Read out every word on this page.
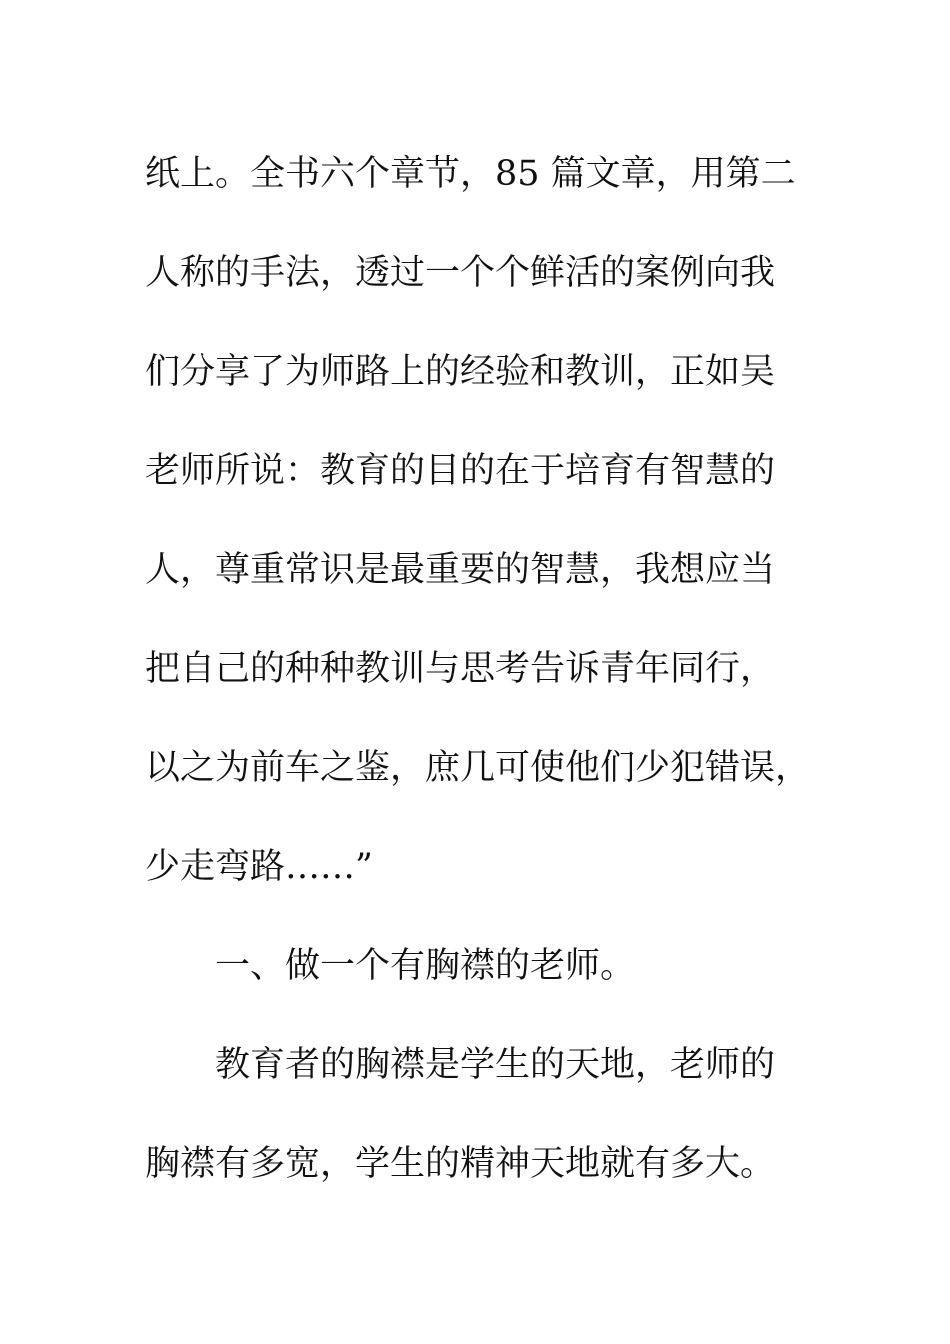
纸上。全书六个章节，85 篇文章，用第二
人称的手法，透过一个个鲜活的案例向我
们分享了为师路上的经验和教训，正如吴
老师所说：教育的目的在于培育有智慧的
人，尊重常识是最重要的智慧，我想应当
把自己的种种教训与思考告诉青年同行，
以之为前车之鉴，庶几可使他们少犯错误，
少走弯路……”
一、做一个有胸襟的老师。
教育者的胸襟是学生的天地，老师的
胸襟有多宽，学生的精神天地就有多大。
